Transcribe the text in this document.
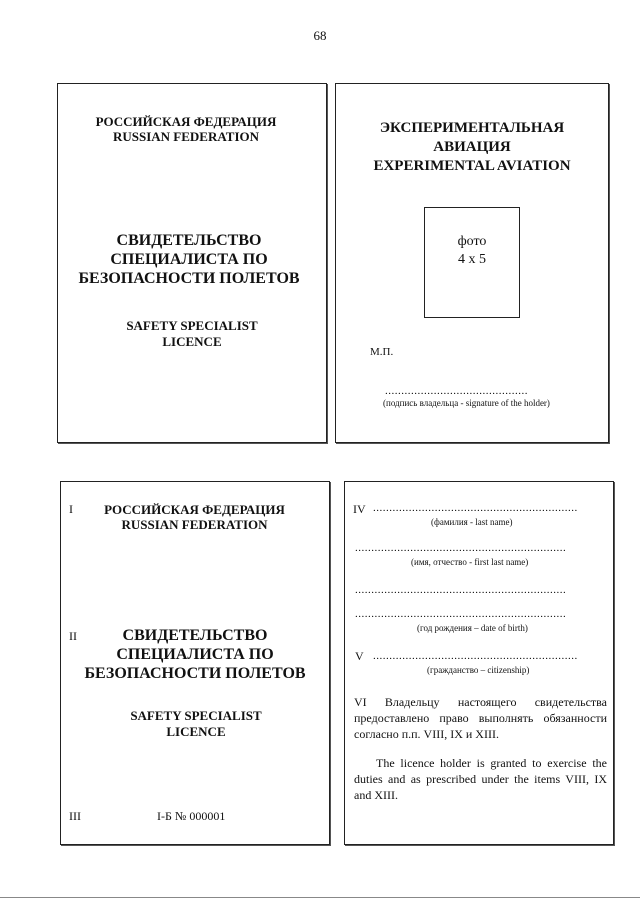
68
РОССИЙСКАЯ ФЕДЕРАЦИЯ
RUSSIAN FEDERATION
СВИДЕТЕЛЬСТВО
СПЕЦИАЛИСТА ПО
БЕЗОПАСНОСТИ ПОЛЕТОВ
SAFETY SPECIALIST
LICENCE
ЭКСПЕРИМЕНТАЛЬНАЯ
АВИАЦИЯ
EXPERIMENTAL AVIATION
фото
4 x 5
М.П.
............................................
(подпись владельца - signature of the holder)
I	РОССИЙСКАЯ ФЕДЕРАЦИЯ
RUSSIAN FEDERATION
II	СВИДЕТЕЛЬСТВО
СПЕЦИАЛИСТА ПО
БЕЗОПАСНОСТИ ПОЛЕТОВ
SAFETY SPECIALIST
LICENCE
III	I-Б № 000001
IV ...............................................................
(фамилия - last name)
.................................................................
(имя, отчество - first last name)
.................................................................
.................................................................
(год рождения – date of birth)
V ...............................................................
(гражданство – citizenship)
VI Владельцу настоящего свидетельства предоставлено право выполнять обязанности согласно п.п. VIII, IX и XIII.
The licence holder is granted to exercise the duties and as prescribed under the items VIII, IX and XIII.
